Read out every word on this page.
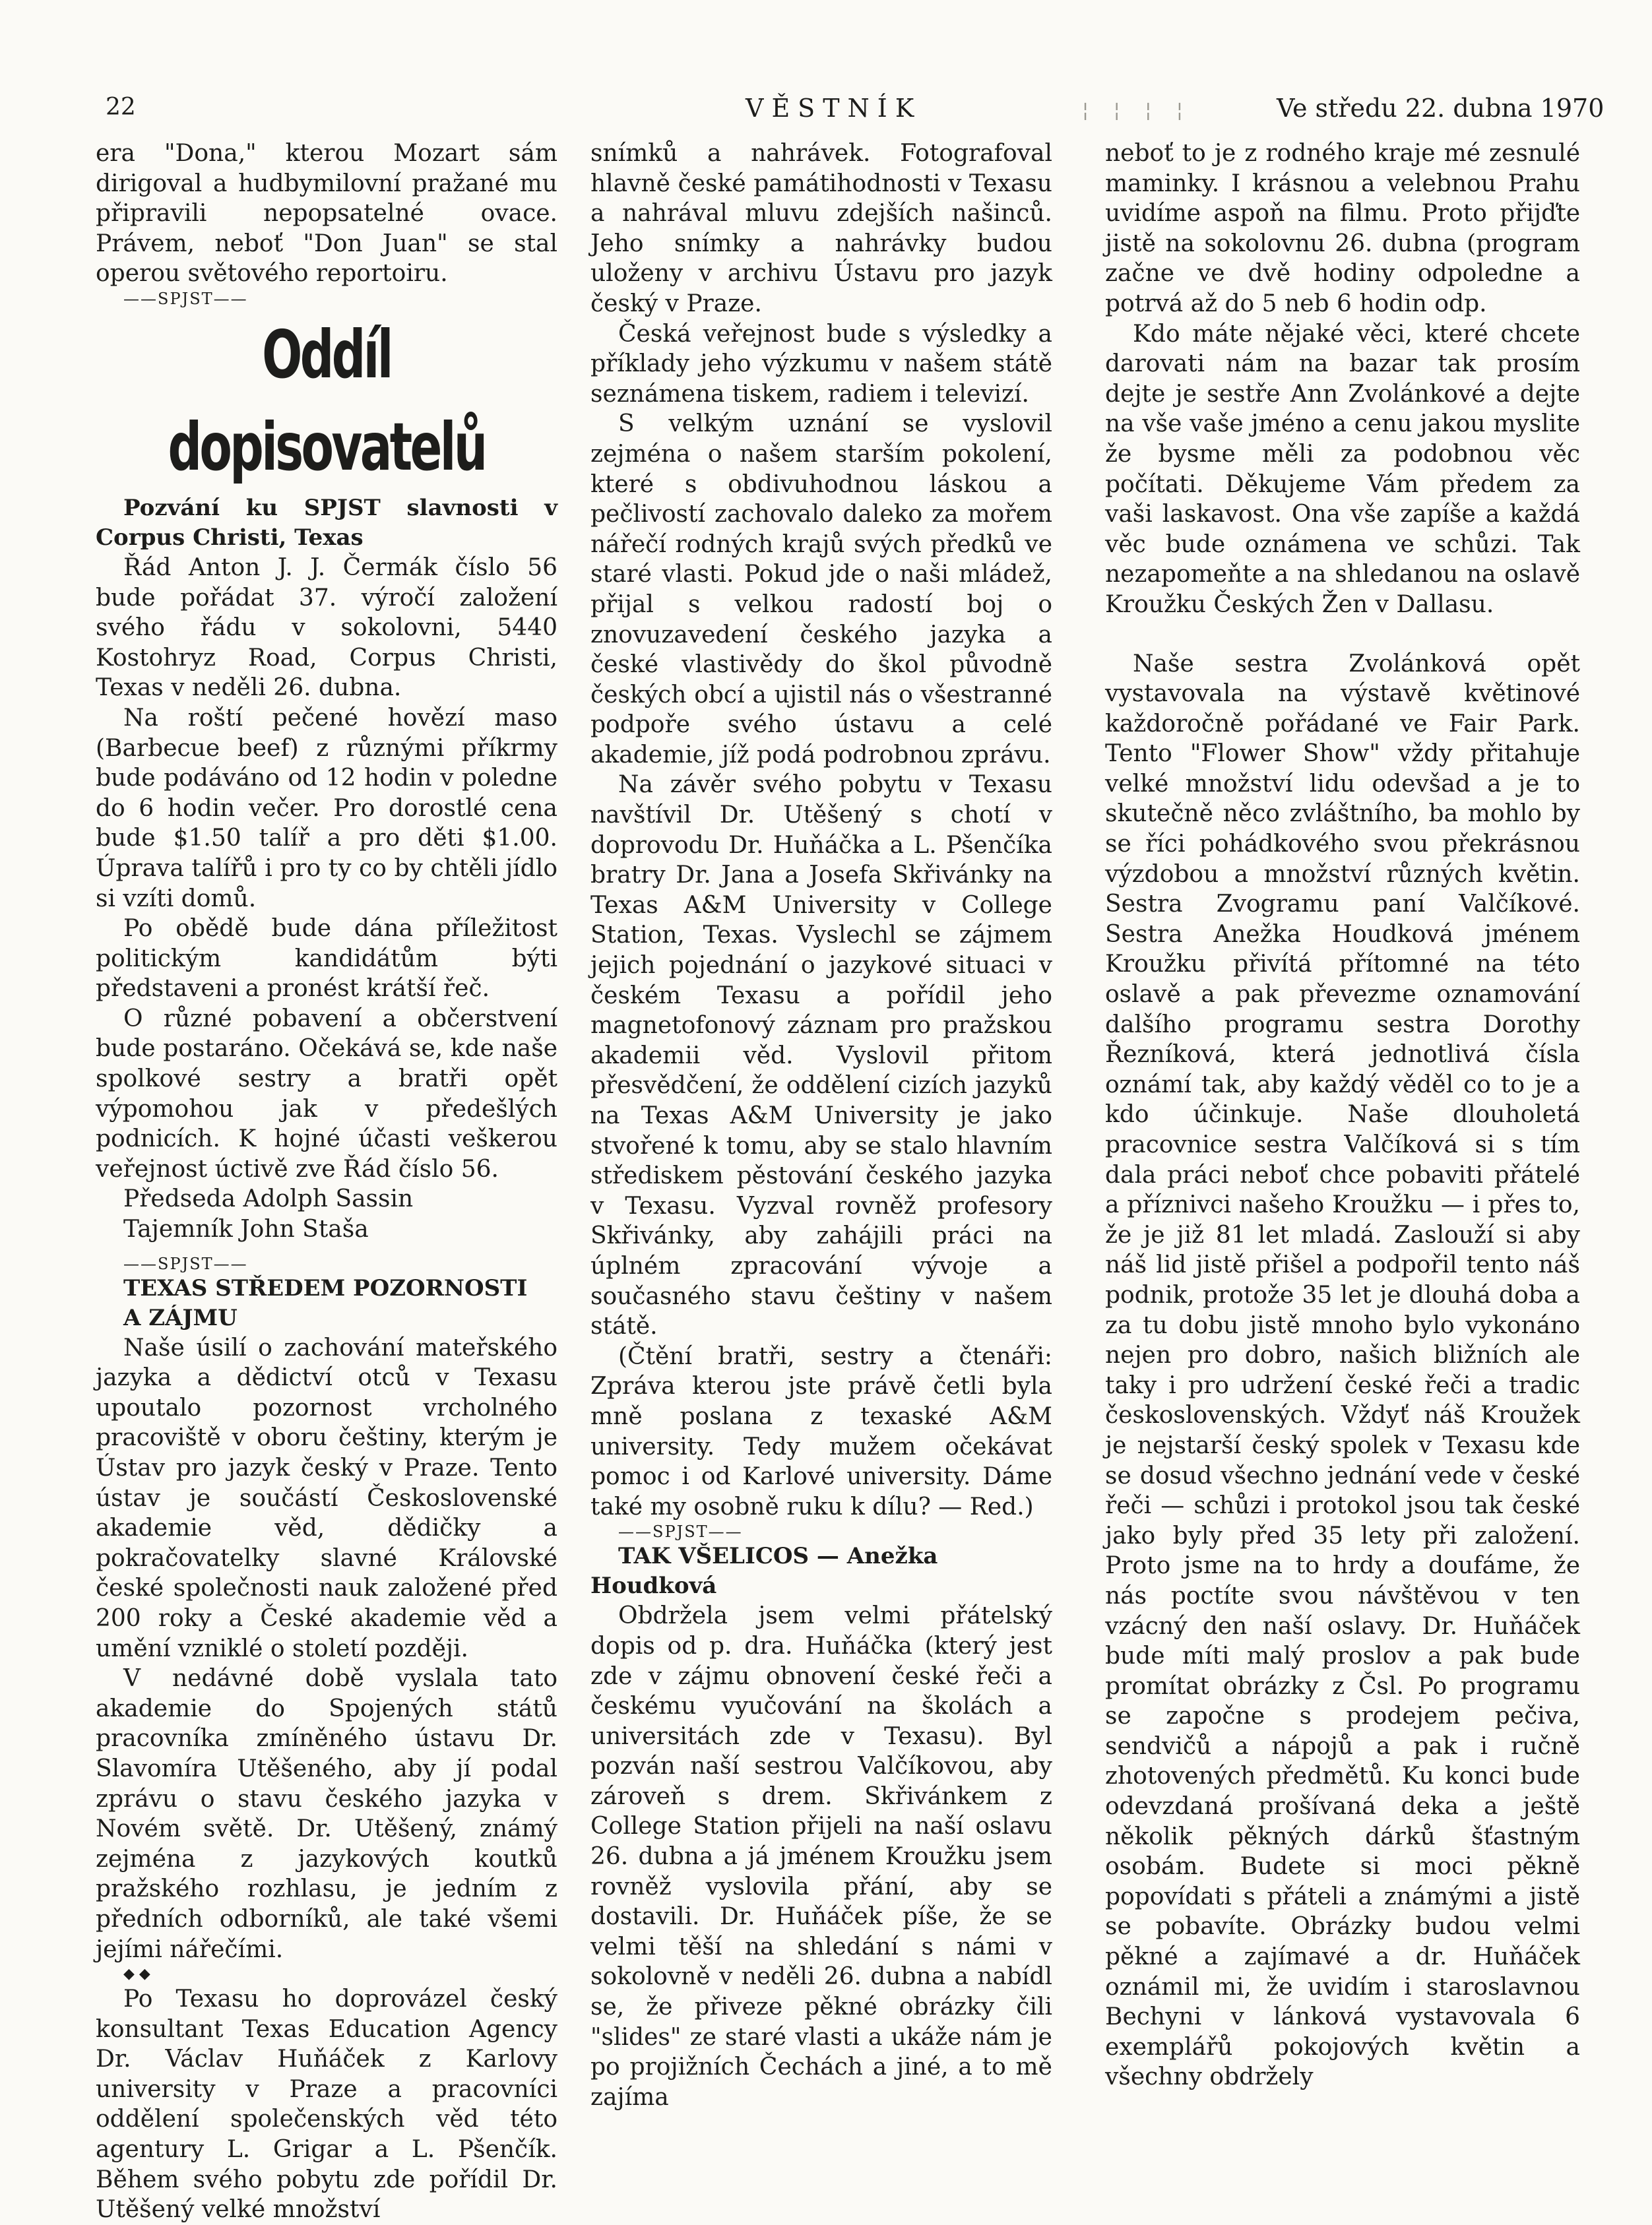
22	VĚSTNÍK	Ve středu 22. dubna 1970
¦ ¦ ¦ ¦

era "Dona," kterou Mozart sám dirigoval a hudbymilovní pražané mu připravili nepopsatelné ovace. Právem, neboť "Don Juan" se stal operou světového reportoiru.

——SPJST——

Oddíl dopisovatelů

Pozvání ku SPJST slavnosti v Corpus Christi, Texas

Řád Anton J. J. Čermák číslo 56 bude pořádat 37. výročí založení svého řádu v sokolovni, 5440 Kostohryz Road, Corpus Christi, Texas v neděli 26. dubna.

Na roští pečené hovězí maso (Barbecue beef) z různými příkrmy bude podáváno od 12 hodin v poledne do 6 hodin večer. Pro dorostlé cena bude $1.50 talíř a pro děti $1.00. Úprava talířů i pro ty co by chtěli jídlo si vzíti domů.

Po obědě bude dána příležitost politickým kandidátům býti představeni a pronést krátší řeč.

O různé pobavení a občerstvení bude postaráno. Očekává se, kde naše spolkové sestry a bratři opět výpomohou jak v předešlých podnicích. K hojné účasti veškerou veřejnost úctivě zve Řád číslo 56.

Předseda Adolph Sassin

Tajemník John Staša

——SPJST——

TEXAS STŘEDEM POZORNOSTI

A ZÁJMU

Naše úsilí o zachování mateřského jazyka a dědictví otců v Texasu upoutalo pozornost vrcholného pracoviště v oboru češtiny, kterým je Ústav pro jazyk český v Praze. Tento ústav je součástí Československé akademie věd, dědičky a pokračovatelky slavné Královské české společnosti nauk založené před 200 roky a České akademie věd a umění vzniklé o století později.

V nedávné době vyslala tato akademie do Spojených států pracovníka zmíněného ústavu Dr. Slavomíra Utěšeného, aby jí podal zprávu o stavu českého jazyka v Novém světě. Dr. Utěšený, známý zejména z jazykových koutků pražského rozhlasu, je jedním z předních odborníků, ale také všemi jejími nářečími.

◆ ◆

Po Texasu ho doprovázel český konsultant Texas Education Agency Dr. Václav Huňáček z Karlovy university v Praze a pracovníci oddělení společenských věd této agentury L. Grigar a L. Pšenčík. Během svého pobytu zde pořídil Dr. Utěšený velké množství

snímků a nahrávek. Fotografoval hlavně české památihodnosti v Texasu a nahrával mluvu zdejších našinců. Jeho snímky a nahrávky budou uloženy v archivu Ústavu pro jazyk český v Praze.

Česká veřejnost bude s výsledky a příklady jeho výzkumu v našem státě seznámena tiskem, radiem i televizí.

S velkým uznání se vyslovil zejména o našem starším pokolení, které s obdivuhodnou láskou a pečlivostí zachovalo daleko za mořem nářečí rodných krajů svých předků ve staré vlasti. Pokud jde o naši mládež, přijal s velkou radostí boj o znovuzavedení českého jazyka a české vlastivědy do škol původně českých obcí a ujistil nás o všestranné podpoře svého ústavu a celé akademie, jíž podá podrobnou zprávu.

Na závěr svého pobytu v Texasu navštívil Dr. Utěšený s chotí v doprovodu Dr. Huňáčka a L. Pšenčíka bratry Dr. Jana a Josefa Skřivánky na Texas A&M University v College Station, Texas. Vyslechl se zájmem jejich pojednání o jazykové situaci v českém Texasu a pořídil jeho magnetofonový záznam pro pražskou akademii věd. Vyslovil přitom přesvědčení, že oddělení cizích jazyků na Texas A&M University je jako stvořené k tomu, aby se stalo hlavním střediskem pěstování českého jazyka v Texasu. Vyzval rovněž profesory Skřivánky, aby zahájili práci na úplném zpracování vývoje a současného stavu češtiny v našem státě.

(Čtění bratři, sestry a čtenáři: Zpráva kterou jste právě četli byla mně poslana z texaské A&M university. Tedy mužem očekávat pomoc i od Karlové university. Dáme také my osobně ruku k dílu? — Red.)

——SPJST——

TAK VŠELICOS — Anežka Houdková

Obdržela jsem velmi přátelský dopis od p. dra. Huňáčka (který jest zde v zájmu obnovení české řeči a českému vyučování na školách a universitách zde v Texasu). Byl pozván naší sestrou Valčíkovou, aby zároveň s drem. Skřivánkem z College Station přijeli na naší oslavu 26. dubna a já jménem Kroužku jsem rovněž vyslovila přání, aby se dostavili. Dr. Huňáček píše, že se velmi těší na shledání s námi v sokolovně v neděli 26. dubna a nabídl se, že přiveze pěkné obrázky čili "slides" ze staré vlasti a ukáže nám je po projižních Čechách a jiné, a to mě zajíma

neboť to je z rodného kraje mé zesnulé maminky. I krásnou a velebnou Prahu uvidíme aspoň na filmu. Proto přijďte jistě na sokolovnu 26. dubna (program začne ve dvě hodiny odpoledne a potrvá až do 5 neb 6 hodin odp.

Kdo máte nějaké věci, které chcete darovati nám na bazar tak prosím dejte je sestře Ann Zvolánkové a dejte na vše vaše jméno a cenu jakou myslite že bysme měli za podobnou věc počítati. Děkujeme Vám předem za vaši laskavost. Ona vše zapíše a každá věc bude oznámena ve schůzi. Tak nezapomeňte a na shledanou na oslavě Kroužku Českých Žen v Dallasu.

Naše sestra Zvolánková opět vystavovala na výstavě květinové každoročně pořádané ve Fair Park. Tento "Flower Show" vždy přitahuje velké množství lidu odevšad a je to skutečně něco zvláštního, ba mohlo by se říci pohádkového svou překrásnou výzdobou a množství různých květin. Sestra Zvogramu paní Valčíkové. Sestra Anežka Houdková jménem Kroužku přivítá přítomné na této oslavě a pak převezme oznamování dalšího programu sestra Dorothy Řezníková, která jednotlivá čísla oznámí tak, aby každý věděl co to je a kdo účinkuje. Naše dlouholetá pracovnice sestra Valčíková si s tím dala práci neboť chce pobaviti přátelé a příznivci našeho Kroužku — i přes to, že je již 81 let mladá. Zaslouží si aby náš lid jistě přišel a podpořil tento náš podnik, protože 35 let je dlouhá doba a za tu dobu jistě mnoho bylo vykonáno nejen pro dobro, našich bližních ale taky i pro udržení české řeči a tradic československých. Vždyť náš Kroužek je nejstarší český spolek v Texasu kde se dosud všechno jednání vede v české řeči — schůzi i protokol jsou tak české jako byly před 35 lety při založení. Proto jsme na to hrdy a doufáme, že nás poctíte svou návštěvou v ten vzácný den naší oslavy. Dr. Huňáček bude míti malý proslov a pak bude promítat obrázky z Čsl. Po programu se započne s prodejem pečiva, sendvičů a nápojů a pak i ručně zhotovených předmětů. Ku konci bude odevzdaná prošívaná deka a ještě několik pěkných dárků šťastným osobám. Budete si moci pěkně popovídati s přáteli a známými a jistě se pobavíte. Obrázky budou velmi pěkné a zajímavé a dr. Huňáček oznámil mi, že uvidím i staroslavnou Bechyni v lánková vystavovala 6 exemplářů pokojových květin a všechny obdržely
